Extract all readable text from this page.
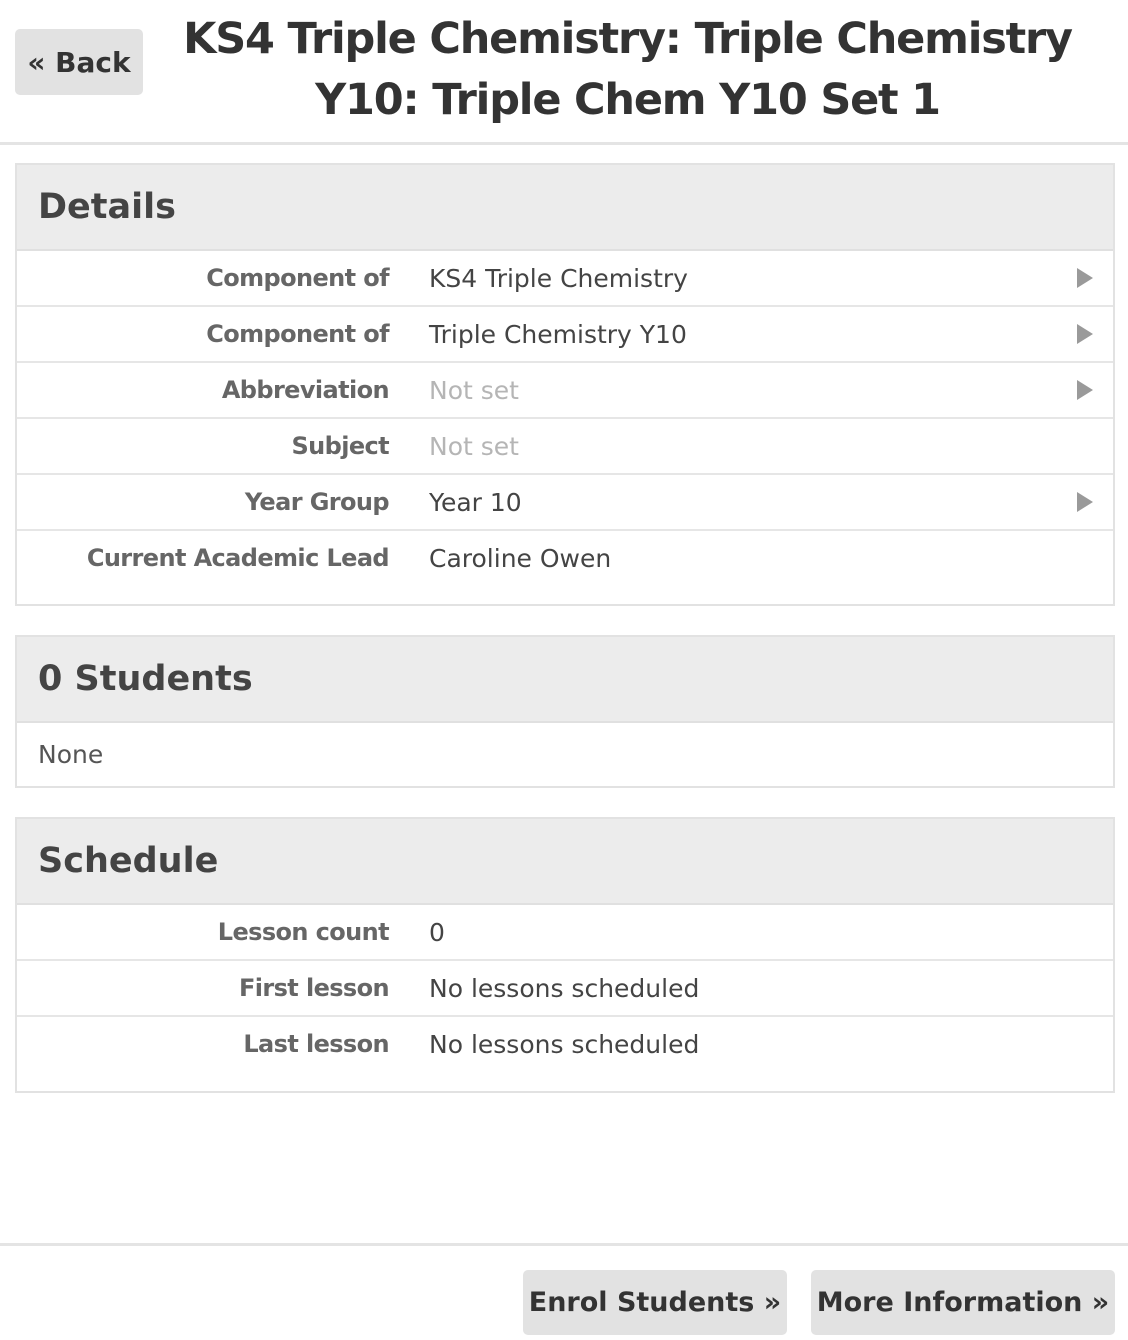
« Back	KS4 Triple Chemistry: Triple Chemistry Y10: Triple Chem Y10 Set 1
Details
Component of KS4 Triple Chemistry
Component of Triple Chemistry Y10
Abbreviation Not set
Subject Not set
Year Group Year 10
Current Academic Lead Caroline Owen
0 Students
None
Schedule
Lesson count 0
First lesson No lessons scheduled
Last lesson No lessons scheduled
Enrol Students » More Information »
